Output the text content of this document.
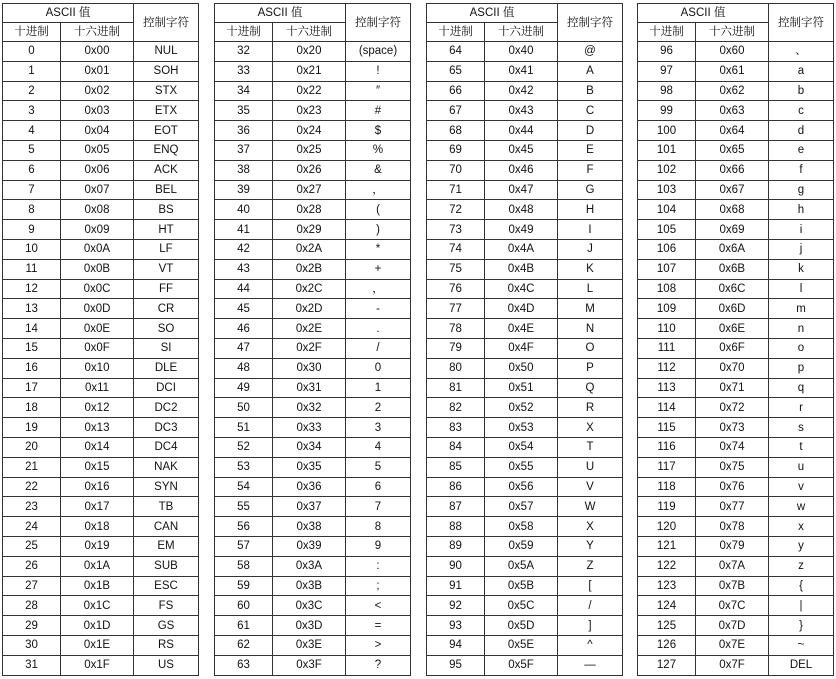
ASCII 值		控制字符
十进制	十六进制	
0	0x00	NUL
1	0x01	SOH
2	0x02	STX
3	0x03	ETX
4	0x04	EOT
5	0x05	ENQ
6	0x06	ACK
7	0x07	BEL
8	0x08	BS
9	0x09	HT
10	0x0A	LF
11	0x0B	VT
12	0x0C	FF
13	0x0D	CR
14	0x0E	SO
15	0x0F	SI
16	0x10	DLE
17	0x11	DCI
18	0x12	DC2
19	0x13	DC3
20	0x14	DC4
21	0x15	NAK
22	0x16	SYN
23	0x17	TB
24	0x18	CAN
25	0x19	EM
26	0x1A	SUB
27	0x1B	ESC
28	0x1C	FS
29	0x1D	GS
30	0x1E	RS
31	0x1F	US
ASCII 值		控制字符
十进制	十六进制	
32	0x20	(space)
33	0x21	!
34	0x22	″
35	0x23	#
36	0x24	$
37	0x25	%
38	0x26	&
39	0x27	，
40	0x28	(
41	0x29	)
42	0x2A	*
43	0x2B	+
44	0x2C	，
45	0x2D	-
46	0x2E	.
47	0x2F	/
48	0x30	0
49	0x31	1
50	0x32	2
51	0x33	3
52	0x34	4
53	0x35	5
54	0x36	6
55	0x37	7
56	0x38	8
57	0x39	9
58	0x3A	:
59	0x3B	;
60	0x3C	<
61	0x3D	=
62	0x3E	>
63	0x3F	?
ASCII 值		控制字符
十进制	十六进制	
64	0x40	@
65	0x41	A
66	0x42	B
67	0x43	C
68	0x44	D
69	0x45	E
70	0x46	F
71	0x47	G
72	0x48	H
73	0x49	I
74	0x4A	J
75	0x4B	K
76	0x4C	L
77	0x4D	M
78	0x4E	N
79	0x4F	O
80	0x50	P
81	0x51	Q
82	0x52	R
83	0x53	X
84	0x54	T
85	0x55	U
86	0x56	V
87	0x57	W
88	0x58	X
89	0x59	Y
90	0x5A	Z
91	0x5B	[
92	0x5C	/
93	0x5D	]
94	0x5E	^
95	0x5F	—
ASCII 值		控制字符
十进制	十六进制	
96	0x60	、
97	0x61	a
98	0x62	b
99	0x63	c
100	0x64	d
101	0x65	e
102	0x66	f
103	0x67	g
104	0x68	h
105	0x69	i
106	0x6A	j
107	0x6B	k
108	0x6C	l
109	0x6D	m
110	0x6E	n
111	0x6F	o
112	0x70	p
113	0x71	q
114	0x72	r
115	0x73	s
116	0x74	t
117	0x75	u
118	0x76	v
119	0x77	w
120	0x78	x
121	0x79	y
122	0x7A	z
123	0x7B	{
124	0x7C	|
125	0x7D	}
126	0x7E	~
127	0x7F	DEL
